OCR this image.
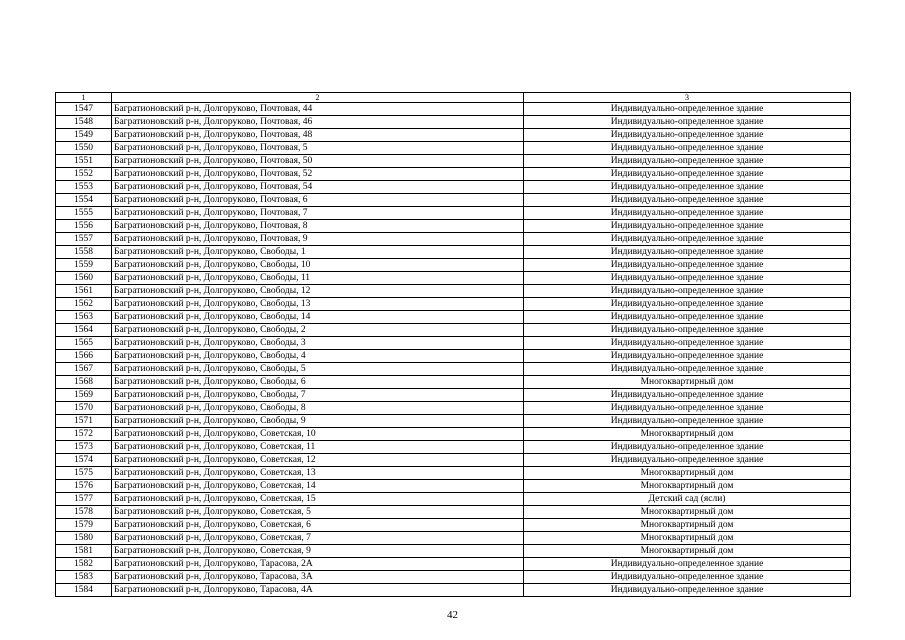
1	2	3
1547	Багратионовский р-н, Долгоруково, Почтовая, 44	Индивидуально-определенное здание
1548	Багратионовский р-н, Долгоруково, Почтовая, 46	Индивидуально-определенное здание
1549	Багратионовский р-н, Долгоруково, Почтовая, 48	Индивидуально-определенное здание
1550	Багратионовский р-н, Долгоруково, Почтовая, 5	Индивидуально-определенное здание
1551	Багратионовский р-н, Долгоруково, Почтовая, 50	Индивидуально-определенное здание
1552	Багратионовский р-н, Долгоруково, Почтовая, 52	Индивидуально-определенное здание
1553	Багратионовский р-н, Долгоруково, Почтовая, 54	Индивидуально-определенное здание
1554	Багратионовский р-н, Долгоруково, Почтовая, 6	Индивидуально-определенное здание
1555	Багратионовский р-н, Долгоруково, Почтовая, 7	Индивидуально-определенное здание
1556	Багратионовский р-н, Долгоруково, Почтовая, 8	Индивидуально-определенное здание
1557	Багратионовский р-н, Долгоруково, Почтовая, 9	Индивидуально-определенное здание
1558	Багратионовский р-н, Долгоруково, Свободы, 1	Индивидуально-определенное здание
1559	Багратионовский р-н, Долгоруково, Свободы, 10	Индивидуально-определенное здание
1560	Багратионовский р-н, Долгоруково, Свободы, 11	Индивидуально-определенное здание
1561	Багратионовский р-н, Долгоруково, Свободы, 12	Индивидуально-определенное здание
1562	Багратионовский р-н, Долгоруково, Свободы, 13	Индивидуально-определенное здание
1563	Багратионовский р-н, Долгоруково, Свободы, 14	Индивидуально-определенное здание
1564	Багратионовский р-н, Долгоруково, Свободы, 2	Индивидуально-определенное здание
1565	Багратионовский р-н, Долгоруково, Свободы, 3	Индивидуально-определенное здание
1566	Багратионовский р-н, Долгоруково, Свободы, 4	Индивидуально-определенное здание
1567	Багратионовский р-н, Долгоруково, Свободы, 5	Индивидуально-определенное здание
1568	Багратионовский р-н, Долгоруково, Свободы, 6	Многоквартирный дом
1569	Багратионовский р-н, Долгоруково, Свободы, 7	Индивидуально-определенное здание
1570	Багратионовский р-н, Долгоруково, Свободы, 8	Индивидуально-определенное здание
1571	Багратионовский р-н, Долгоруково, Свободы, 9	Индивидуально-определенное здание
1572	Багратионовский р-н, Долгоруково, Советская, 10	Многоквартирный дом
1573	Багратионовский р-н, Долгоруково, Советская, 11	Индивидуально-определенное здание
1574	Багратионовский р-н, Долгоруково, Советская, 12	Индивидуально-определенное здание
1575	Багратионовский р-н, Долгоруково, Советская, 13	Многоквартирный дом
1576	Багратионовский р-н, Долгоруково, Советская, 14	Многоквартирный дом
1577	Багратионовский р-н, Долгоруково, Советская, 15	Детский сад (ясли)
1578	Багратионовский р-н, Долгоруково, Советская, 5	Многоквартирный дом
1579	Багратионовский р-н, Долгоруково, Советская, 6	Многоквартирный дом
1580	Багратионовский р-н, Долгоруково, Советская, 7	Многоквартирный дом
1581	Багратионовский р-н, Долгоруково, Советская, 9	Многоквартирный дом
1582	Багратионовский р-н, Долгоруково, Тарасова, 2А	Индивидуально-определенное здание
1583	Багратионовский р-н, Долгоруково, Тарасова, 3А	Индивидуально-определенное здание
1584	Багратионовский р-н, Долгоруково, Тарасова, 4А	Индивидуально-определенное здание
42
